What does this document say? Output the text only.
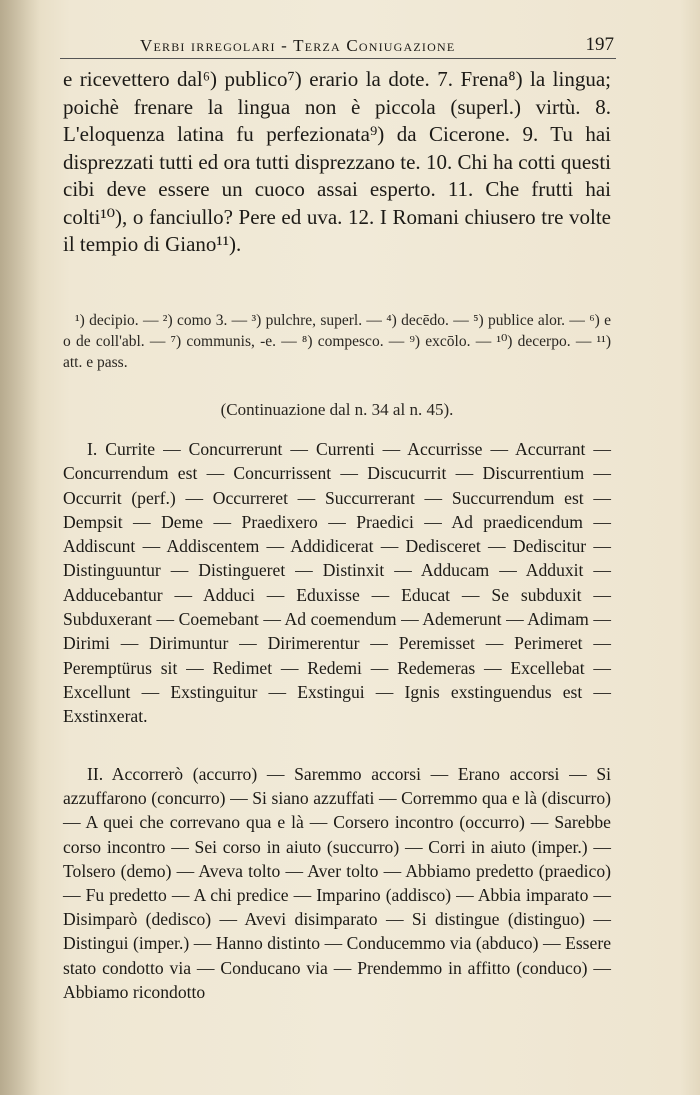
Verbi irregolari - Terza Coniugazione	197

e ricevettero dal⁶) publico⁷) erario la dote. 7. Frena⁸) la lingua; poichè frenare la lingua non è piccola (superl.) virtù. 8. L'eloquenza latina fu perfezionata⁹) da Cicerone. 9. Tu hai disprezzati tutti ed ora tutti disprezzano te. 10. Chi ha cotti questi cibi deve essere un cuoco assai esperto. 11. Che frutti hai colti¹⁰), o fanciullo? Pere ed uva. 12. I Romani chiusero tre volte il tempio di Giano¹¹).

¹) decipio. — ²) como 3. — ³) pulchre, superl. — ⁴) decēdo. — ⁵) publice alor. — ⁶) e o de coll'abl. — ⁷) communis, -e. — ⁸) compesco. — ⁹) excōlo. — ¹⁰) decerpo. — ¹¹) att. e pass.

(Continuazione dal n. 34 al n. 45).

I. Currite — Concurrerunt — Currenti — Accurrisse — Accurrant — Concurrendum est — Concurrissent — Discucurrit — Discurrentium — Occurrit (perf.) — Occurreret — Succurrerant — Succurrendum est — Dempsit — Deme — Praedixero — Praedici — Ad praedicendum — Addiscunt — Addiscentem — Addidicerat — Dedisceret — Dediscitur — Distinguuntur — Distingueret — Distinxit — Adducam — Adduxit — Adducebantur — Adduci — Eduxisse — Educat — Se subduxit — Subduxerant — Coemebant — Ad coemendum — Ademerunt — Adimam — Dirimi — Dirimuntur — Dirimerentur — Peremisset — Perimeret — Peremptürus sit — Redimet — Redemi — Redemeras — Excellebat — Excellunt — Exstinguitur — Exstingui — Ignis exstinguendus est — Exstinxerat.

II. Accorrerò (accurro) — Saremmo accorsi — Erano accorsi — Si azzuffarono (concurro) — Si siano azzuffati — Corremmo qua e là (discurro) — A quei che correvano qua e là — Corsero incontro (occurro) — Sarebbe corso incontro — Sei corso in aiuto (succurro) — Corri in aiuto (imper.) — Tolsero (demo) — Aveva tolto — Aver tolto — Abbiamo predetto (praedico) — Fu predetto — A chi predice — Imparino (addisco) — Abbia imparato — Disimparò (dedisco) — Avevi disimparato — Si distingue (distinguo) — Distingui (imper.) — Hanno distinto — Conducemmo via (abduco) — Essere stato condotto via — Conducano via — Prendemmo in affitto (conduco) — Abbiamo ricondotto
